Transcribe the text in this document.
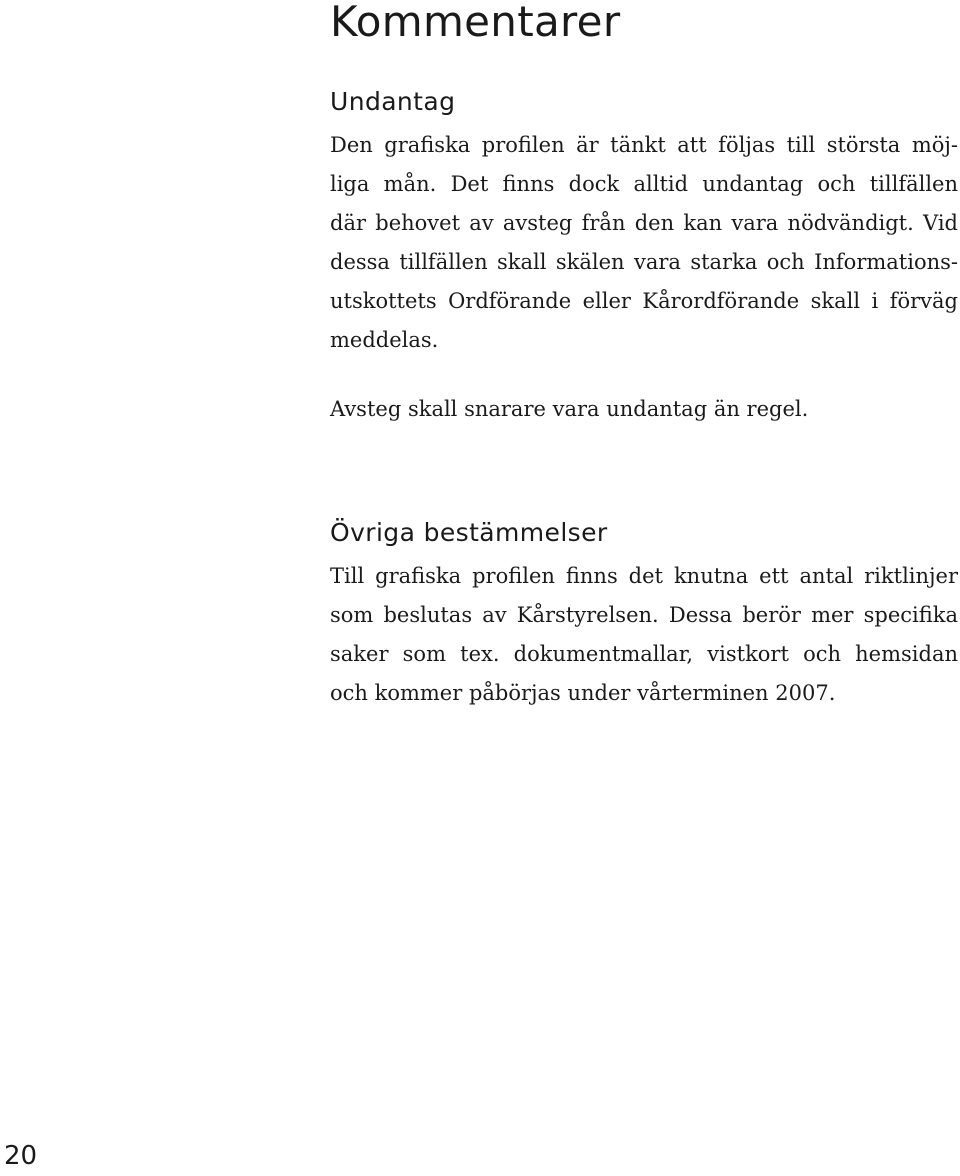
Kommentarer
Undantag
Den grafiska profilen är tänkt att följas till största möj-
liga mån. Det finns dock alltid undantag och tillfällen
där behovet av avsteg från den kan vara nödvändigt. Vid
dessa tillfällen skall skälen vara starka och Informations-
utskottets Ordförande eller Kårordförande skall i förväg
meddelas.
Avsteg skall snarare vara undantag än regel.
Övriga bestämmelser
Till grafiska profilen finns det knutna ett antal riktlinjer
som beslutas av Kårstyrelsen. Dessa berör mer specifika
saker som tex. dokumentmallar, vistkort och hemsidan
och kommer påbörjas under vårterminen 2007.
20
